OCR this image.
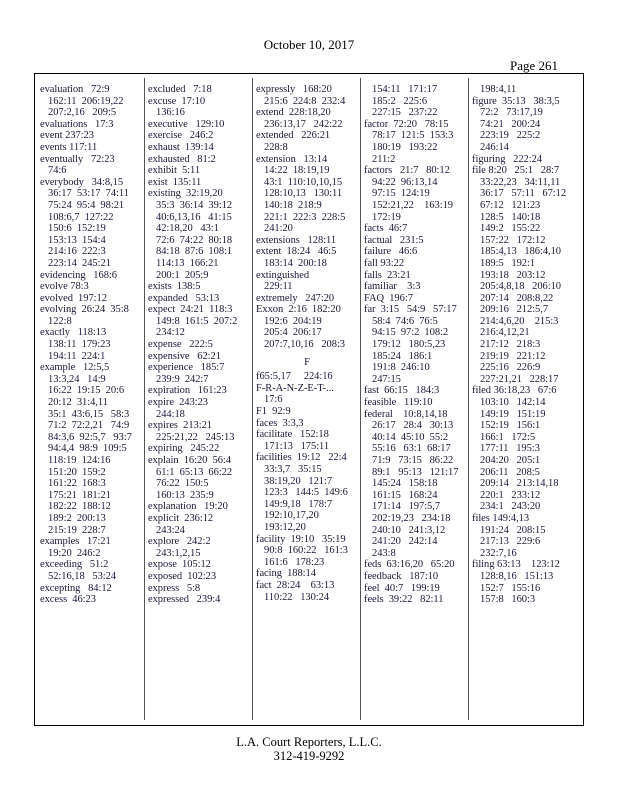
October 10, 2017
Page 261
evaluation   72:9
162:11  206:19,22
207:2,16   209:5
evaluations   17:3
event 237:23
events 117:11
eventually   72:23
74:6
everybody   34:8,15
36:17  53:17  74:11
75:24  95:4  98:21
108:6,7  127:22
150:6  152:19
153:13  154:4
214:16  222:3
223:14  245:21
evidencing   168:6
evolve 78:3
evolved  197:12
evolving  26:24  35:8
122:8
exactly   118:13
138:11  179:23
194:11  224:1
example   12:5,5
13:3,24   14:9
16:22  19:15  20:6
20:12  31:4,11
35:1  43:6,15   58:3
71:2  72:2,21   74:9
84:3,6  92:5,7   93:7
94:4,4  98:9  109:5
118:19  124:16
151:20  159:2
161:22  168:3
175:21  181:21
182:22  188:12
189:2  200:13
215:19  228:7
examples   17:21
19:20  246:2
exceeding   51:2
52:16,18   53:24
excepting   84:12
excess  46:23
excluded   7:18
excuse  17:10
136:16
executive   129:10
exercise   246:2
exhaust  139:14
exhausted   81:2
exhibit  5:11
exist  135:11
existing  32:19,20
35:3  36:14  39:12
40:6,13,16   41:15
42:18,20   43:1
72:6  74:22  80:18
84:18  87:6  108:1
114:13  166:21
200:1  205:9
exists  138:5
expanded   53:13
expect  24:21  118:3
149:8  161:5  207:2
234:12
expense   222:5
expensive   62:21
experience   185:7
239:9  242:7
expiration   161:23
expire  243:23
244:18
expires  213:21
225:21,22   245:13
expiring   245:22
explain  16:20  56:4
61:1  65:13  66:22
76:22  150:5
160:13  235:9
explanation   19:20
explicit  236:12
243:24
explore   242:2
243:1,2,15
expose  105:12
exposed  102:23
express   5:8
expressed   239:4
expressly   168:20
215:6  224:8  232:4
extend  228:18,20
236:13,17   242:22
extended   226:21
228:8
extension   13:14
14:22  18:19,19
43:1  110:10,10,15
128:10,13   130:11
140:18  218:9
221:1  222:3  228:5
241:20
extensions   128:11
extent  18:24   46:5
183:14  200:18
extinguished
229:11
extremely   247:20
Exxon  2:16  182:20
192:6  204:19
205:4  206:17
207:7,10,16   208:3
F
f65:5,17     224:16
F-R-A-N-Z-E-T-...
17:6
F1  92:9
faces  3:3,3
facilitate   152:18
171:13   175:11
facilities  19:12   22:4
33:3,7   35:15
38:19,20   121:7
123:3   144:5  149:6
149:9,18   178:7
192:10,17,20
193:12,20
facility  19:10   35:19
90:8  160:22   161:3
161:6   178:23
facing  188:14
fact  28:24    63:13
110:22   130:24
154:11   171:17
185:2   225:6
227:15   237:22
factor  72:20   78:15
78:17  121:5  153:3
180:19   193:22
211:2
factors   21:7   80:12
94:22  96:13,14
97:15  124:19
152:21,22    163:19
172:19
facts  46:7
factual   231:5
failure   46:6
fall 93:22
falls  23:21
familiar    3:3
FAQ  196:7
far  3:15   54:9   57:17
58:4  74:6  76:5
94:15  97:2  108:2
179:12   180:5,23
185:24   186:1
191:8  246:10
247:15
fast  66:15   184:3
feasible   119:10
federal    10:8,14,18
26:17   28:4   30:13
40:14  45:10  55:2
55:16   63:1  68:17
71:9   73:15   86:22
89:1   95:13   121:17
145:24   158:18
161:15   168:24
171:14   197:5,7
202:19,23   234:18
240:10   241:3,12
241:20   242:14
243:8
feds  63:16,20   65:20
feedback   187:10
feel  40:7   199:19
feels  39:22   82:11
198:4,11
figure  35:13   38:3,5
72:2   73:17,19
74:21   200:24
223:19   225:2
246:14
figuring   222:24
file 8:20   25:1   28:7
33:22,23   34:11,11
36:17   57:11   67:12
67:12   121:23
128:5   140:18
149:2   155:22
157:22   172:12
185:4,13   186:4,10
189:5   192:1
193:18   203:12
205:4,8,18   206:10
207:14   208:8,22
209:16   212:5,7
214:4,6,20    215:3
216:4,12,21
217:12   218:3
219:19   221:12
225:16   226:9
227:21,21   228:17
filed 36:18,23   67:6
103:10   142:14
149:19   151:19
152:19   156:1
166:1   172:5
177:11   195:3
204:20   205:1
206:11   208:5
209:14   213:14,18
220:1   233:12
234:1   243:20
files 149:4,13
191:24   208:15
217:13   229:6
232:7,16
filing 63:13    123:12
128:8,16   151:13
152:7   155:16
157:8   160:3
L.A. Court Reporters, L.L.C.
312-419-9292
